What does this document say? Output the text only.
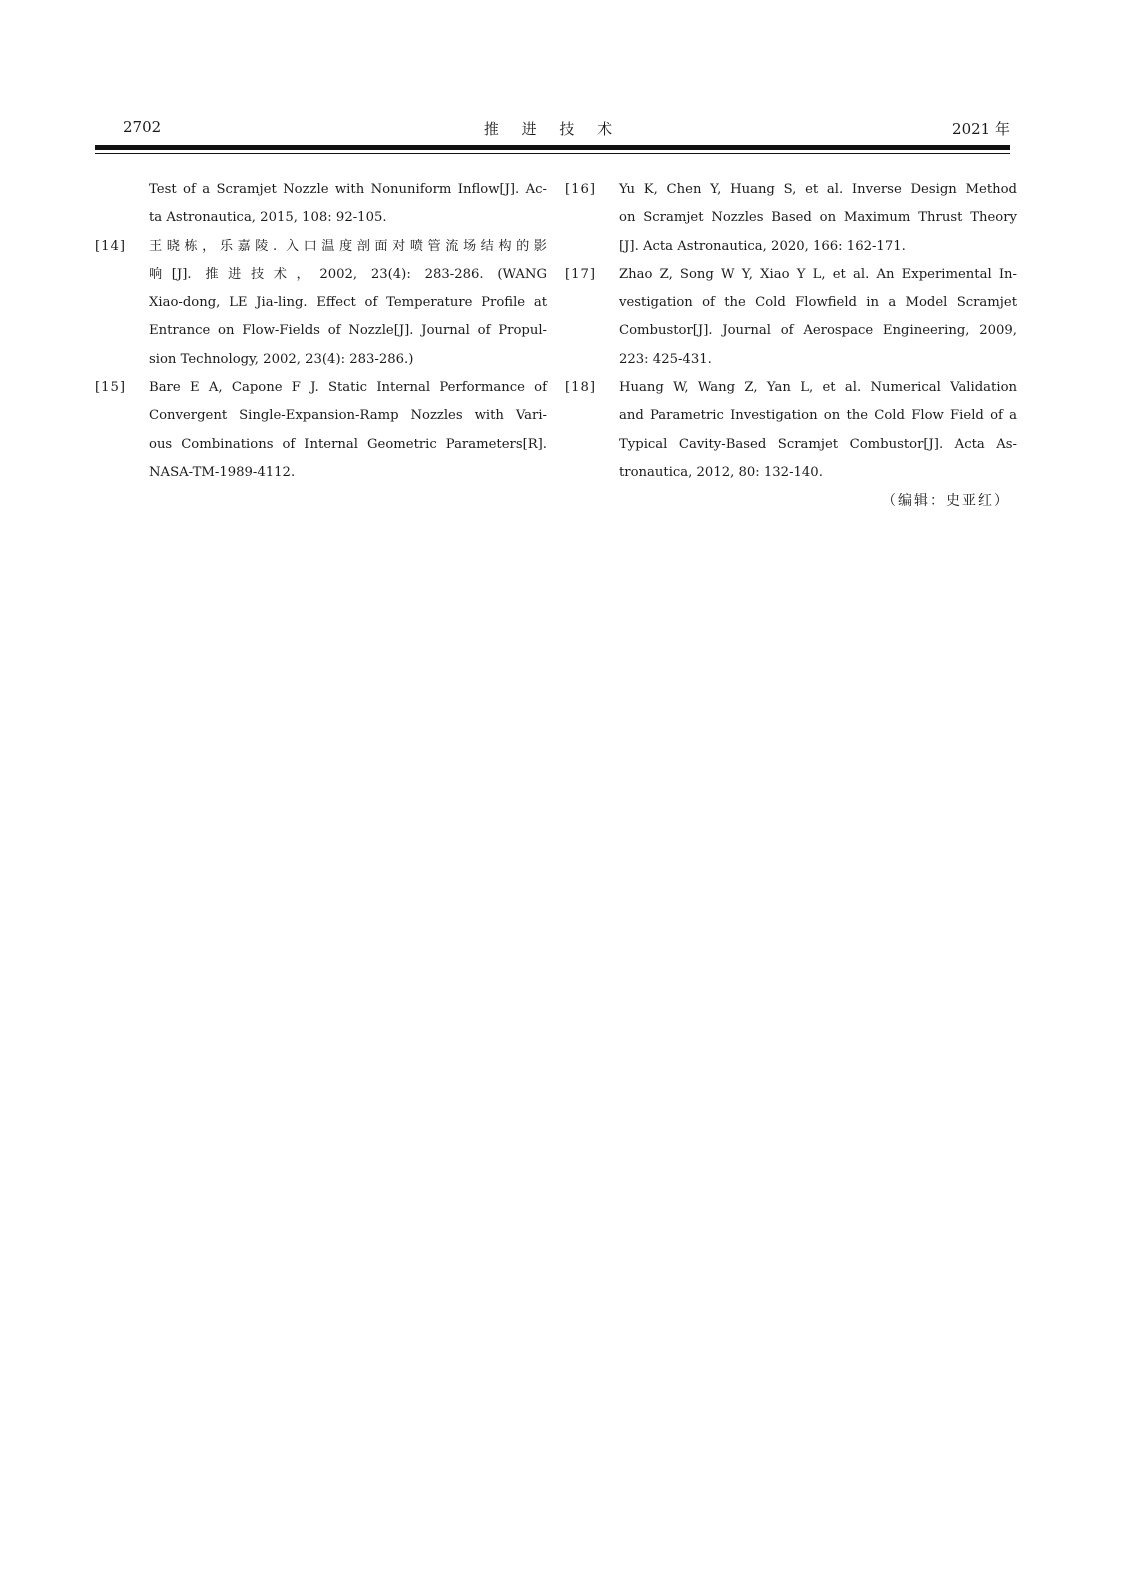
2702	推 进 技 术	2021 年
Test of a Scramjet Nozzle with Nonuniform Inflow[J]. Ac-
ta Astronautica, 2015, 108: 92-105.
[14]	王晓栋，乐嘉陵. 入口温度剖面对喷管流场结构的影
响[J]. 推进技术，2002, 23(4): 283-286. (WANG
Xiao-dong, LE Jia-ling. Effect of Temperature Profile at
Entrance on Flow-Fields of Nozzle[J]. Journal of Propul-
sion Technology, 2002, 23(4): 283-286.)
[15]	Bare E A, Capone F J. Static Internal Performance of
Convergent Single-Expansion-Ramp Nozzles with Vari-
ous Combinations of Internal Geometric Parameters[R].
NASA-TM-1989-4112.
[16]	Yu K, Chen Y, Huang S, et al. Inverse Design Method
on Scramjet Nozzles Based on Maximum Thrust Theory
[J]. Acta Astronautica, 2020, 166: 162-171.
[17]	Zhao Z, Song W Y, Xiao Y L, et al. An Experimental In-
vestigation of the Cold Flowfield in a Model Scramjet
Combustor[J]. Journal of Aerospace Engineering, 2009,
223: 425-431.
[18]	Huang W, Wang Z, Yan L, et al. Numerical Validation
and Parametric Investigation on the Cold Flow Field of a
Typical Cavity-Based Scramjet Combustor[J]. Acta As-
tronautica, 2012, 80: 132-140.
（编辑：史亚红）
